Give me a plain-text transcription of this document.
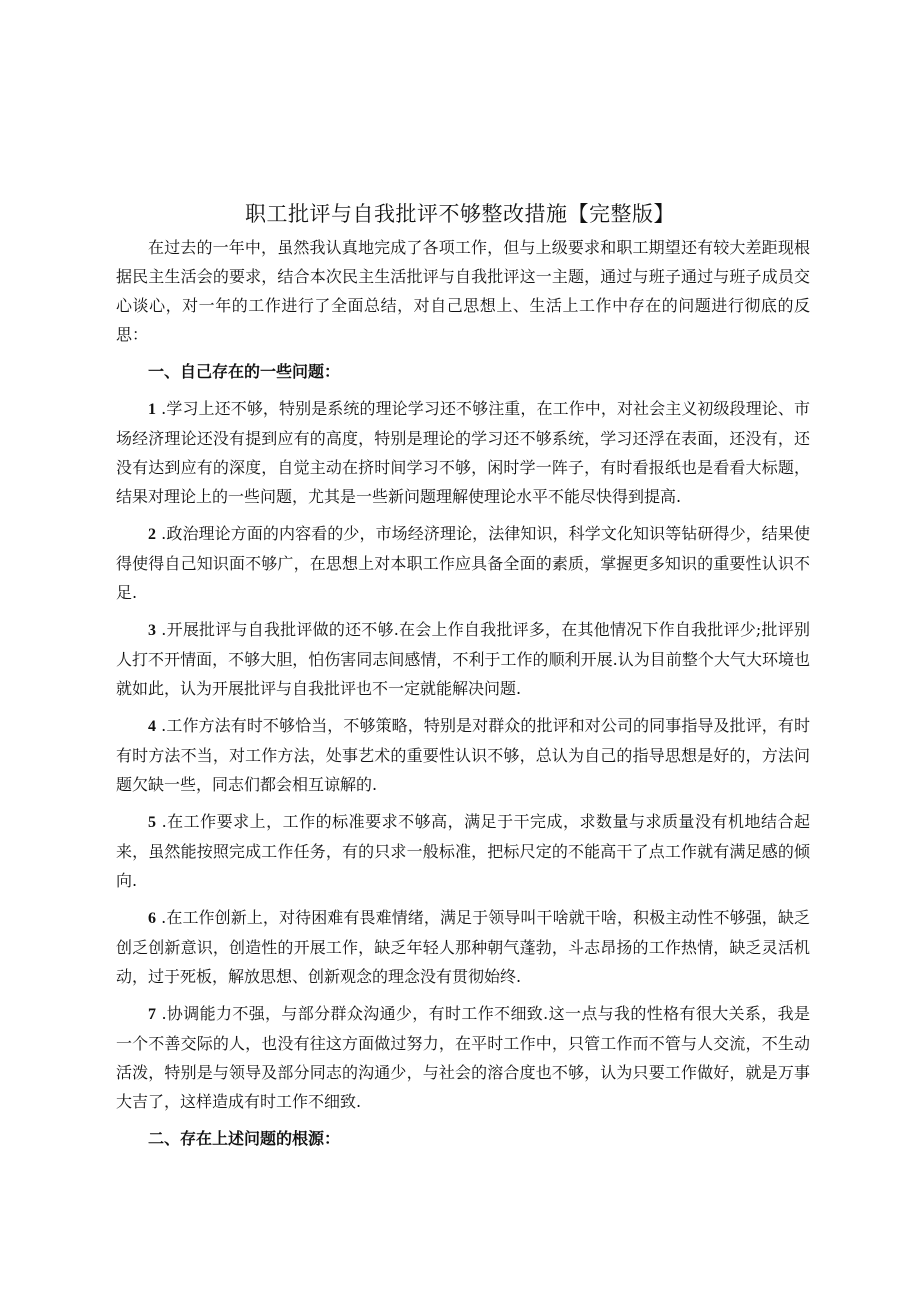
职工批评与自我批评不够整改措施【完整版】

在过去的一年中，虽然我认真地完成了各项工作，但与上级要求和职工期望还有较大差距现根据民主生活会的要求，结合本次民主生活批评与自我批评这一主题，通过与班子通过与班子成员交心谈心，对一年的工作进行了全面总结，对自己思想上、生活上工作中存在的问题进行彻底的反思：

一、自己存在的一些问题：

1 .学习上还不够，特别是系统的理论学习还不够注重，在工作中，对社会主义初级段理论、市场经济理论还没有提到应有的高度，特别是理论的学习还不够系统，学习还浮在表面，还没有，还没有达到应有的深度，自觉主动在挤时间学习不够，闲时学一阵子，有时看报纸也是看看大标题，结果对理论上的一些问题，尤其是一些新问题理解使理论水平不能尽快得到提高.

2 .政治理论方面的内容看的少，市场经济理论，法律知识，科学文化知识等钻研得少，结果使得使得自己知识面不够广，在思想上对本职工作应具备全面的素质，掌握更多知识的重要性认识不足.

3 .开展批评与自我批评做的还不够.在会上作自我批评多，在其他情况下作自我批评少;批评别人打不开情面，不够大胆，怕伤害同志间感情，不利于工作的顺利开展.认为目前整个大气大环境也就如此，认为开展批评与自我批评也不一定就能解决问题.

4 .工作方法有时不够恰当，不够策略，特别是对群众的批评和对公司的同事指导及批评，有时有时方法不当，对工作方法，处事艺术的重要性认识不够，总认为自己的指导思想是好的，方法问题欠缺一些，同志们都会相互谅解的.

5 .在工作要求上，工作的标准要求不够高，满足于干完成，求数量与求质量没有机地结合起来，虽然能按照完成工作任务，有的只求一般标准，把标尺定的不能高干了点工作就有满足感的倾向.

6 .在工作创新上，对待困难有畏难情绪，满足于领导叫干啥就干啥，积极主动性不够强，缺乏创乏创新意识，创造性的开展工作，缺乏年轻人那种朝气蓬勃，斗志昂扬的工作热情，缺乏灵活机动，过于死板，解放思想、创新观念的理念没有贯彻始终.

7 .协调能力不强，与部分群众沟通少，有时工作不细致.这一点与我的性格有很大关系，我是一个不善交际的人，也没有往这方面做过努力，在平时工作中，只管工作而不管与人交流，不生动活泼，特别是与领导及部分同志的沟通少，与社会的溶合度也不够，认为只要工作做好，就是万事大吉了，这样造成有时工作不细致.

二、存在上述问题的根源：
